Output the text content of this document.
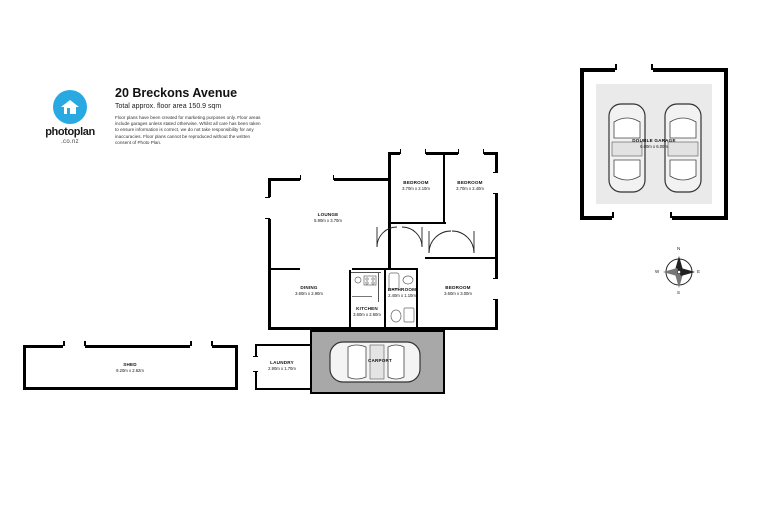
photoplan
.co.nz
20 Breckons Avenue
Total approx. floor area 150.9 sqm
Floor plans have been created for marketing purposes only. Floor areas include garages unless stated otherwise. Whilst all care has been taken to ensure information is correct, we do not take responsibility for any inaccuracies. Floor plans cannot be reproduced without the written consent of Photo Plan.
SHED
9.20m x 2.62m
DOUBLE GARAGE
6.00m x 6.00m
N
S
E
W
LOUNGE
5.90m x 3.70m
DINING
3.60m x 2.90m
KITCHEN
3.60m x 2.60m
BATHROOM
2.40m x 1.10m
BEDROOM
3.70m x 2.10m
BEDROOM
3.70m x 2.40m
BEDROOM
3.60m x 3.00m
CARPORT
LAUNDRY
2.90m x 1.70m
